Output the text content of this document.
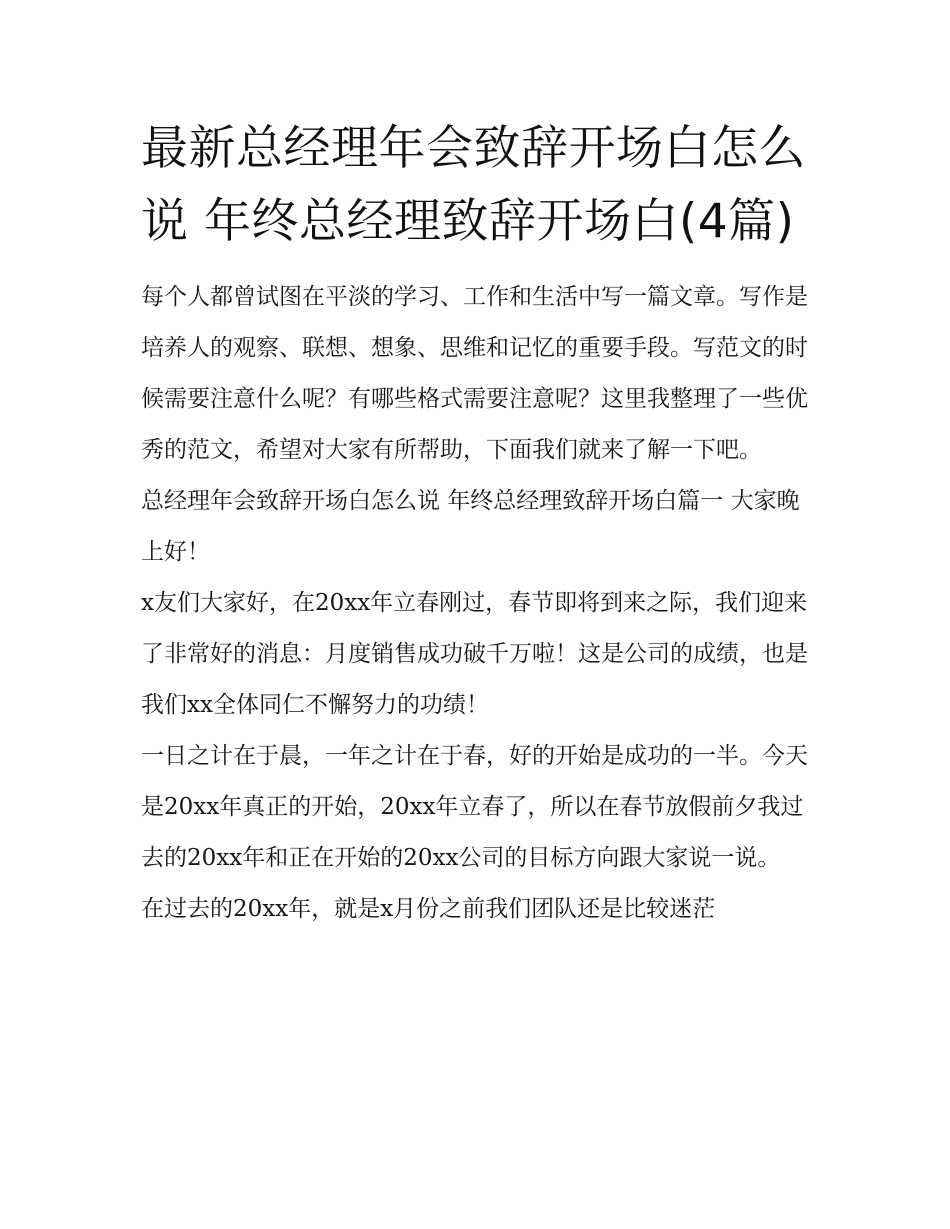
最新总经理年会致辞开场白怎么说 年终总经理致辞开场白(4篇)

每个人都曾试图在平淡的学习、工作和生活中写一篇文章。写作是培养人的观察、联想、想象、思维和记忆的重要手段。写范文的时候需要注意什么呢？有哪些格式需要注意呢？这里我整理了一些优秀的范文，希望对大家有所帮助，下面我们就来了解一下吧。

总经理年会致辞开场白怎么说 年终总经理致辞开场白篇一 大家晚上好！

x友们大家好，在20xx年立春刚过，春节即将到来之际，我们迎来了非常好的消息：月度销售成功破千万啦！这是公司的成绩，也是我们xx全体同仁不懈努力的功绩！

一日之计在于晨，一年之计在于春，好的开始是成功的一半。今天是20xx年真正的开始，20xx年立春了，所以在春节放假前夕我过去的20xx年和正在开始的20xx公司的目标方向跟大家说一说。

在过去的20xx年，就是x月份之前我们团队还是比较迷茫
